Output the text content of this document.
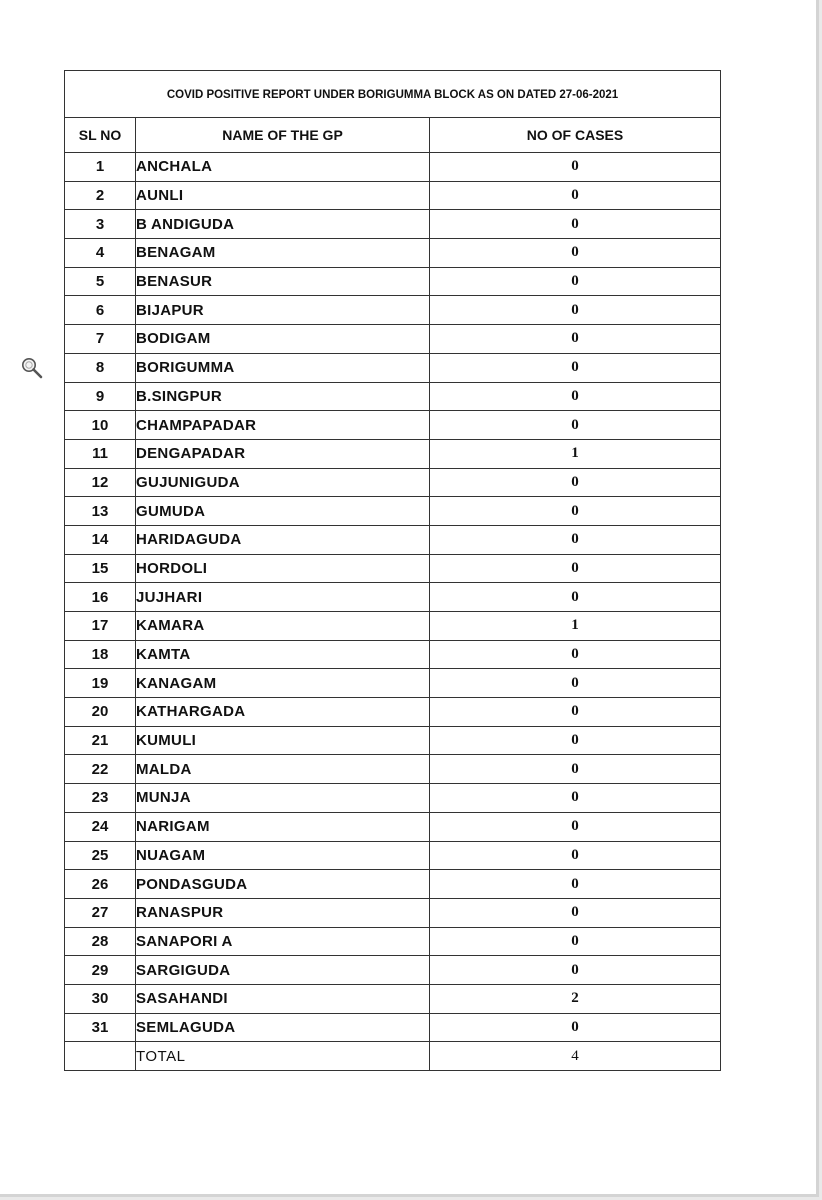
COVID POSITIVE REPORT UNDER BORIGUMMA BLOCK AS ON DATED 27-06-2021		
SL NO	NAME OF THE GP	NO OF CASES
1	ANCHALA	0
2	AUNLI	0
3	B ANDIGUDA	0
4	BENAGAM	0
5	BENASUR	0
6	BIJAPUR	0
7	BODIGAM	0
8	BORIGUMMA	0
9	B.SINGPUR	0
10	CHAMPAPADAR	0
11	DENGAPADAR	1
12	GUJUNIGUDA	0
13	GUMUDA	0
14	HARIDAGUDA	0
15	HORDOLI	0
16	JUJHARI	0
17	KAMARA	1
18	KAMTA	0
19	KANAGAM	0
20	KATHARGADA	0
21	KUMULI	0
22	MALDA	0
23	MUNJA	0
24	NARIGAM	0
25	NUAGAM	0
26	PONDASGUDA	0
27	RANASPUR	0
28	SANAPORI A	0
29	SARGIGUDA	0
30	SASAHANDI	2
31	SEMLAGUDA	0
	TOTAL	4
